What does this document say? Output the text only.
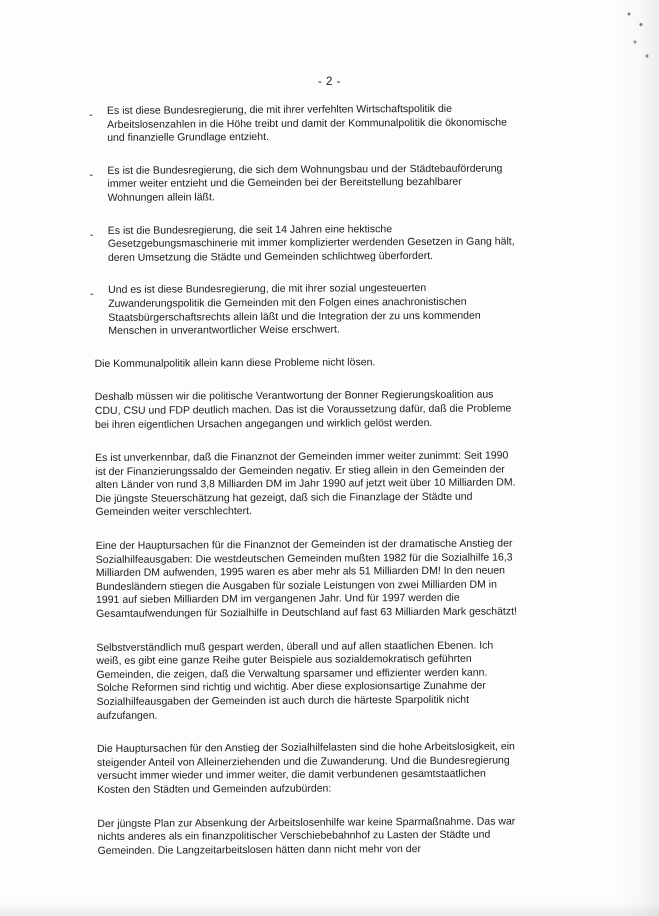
- 2 -
- Es ist diese Bundesregierung, die mit ihrer verfehlten Wirtschaftspolitik die Arbeitslosenzahlen in die Höhe treibt und damit der Kommunalpolitik die ökonomische und finanzielle Grundlage entzieht.
- Es ist die Bundesregierung, die sich dem Wohnungsbau und der Städtebauförderung immer weiter entzieht und die Gemeinden bei der Bereitstellung bezahlbarer Wohnungen allein läßt.
- Es ist die Bundesregierung, die seit 14 Jahren eine hektische Gesetzgebungsmaschinerie mit immer komplizierter werdenden Gesetzen in Gang hält, deren Umsetzung die Städte und Gemeinden schlichtweg überfordert.
- Und es ist diese Bundesregierung, die mit ihrer sozial ungesteuerten Zuwanderungspolitik die Gemeinden mit den Folgen eines anachronistischen Staatsbürgerschaftsrechts allein läßt und die Integration der zu uns kommenden Menschen in unverantwortlicher Weise erschwert.

Die Kommunalpolitik allein kann diese Probleme nicht lösen.

Deshalb müssen wir die politische Verantwortung der Bonner Regierungskoalition aus CDU, CSU und FDP deutlich machen. Das ist die Voraussetzung dafür, daß die Probleme bei ihren eigentlichen Ursachen angegangen und wirklich gelöst werden.

Es ist unverkennbar, daß die Finanznot der Gemeinden immer weiter zunimmt: Seit 1990 ist der Finanzierungssaldo der Gemeinden negativ. Er stieg allein in den Gemeinden der alten Länder von rund 3,8 Milliarden DM im Jahr 1990 auf jetzt weit über 10 Milliarden DM. Die jüngste Steuerschätzung hat gezeigt, daß sich die Finanzlage der Städte und Gemeinden weiter verschlechtert.

Eine der Hauptursachen für die Finanznot der Gemeinden ist der dramatische Anstieg der Sozialhilfeausgaben: Die westdeutschen Gemeinden mußten 1982 für die Sozialhilfe 16,3 Milliarden DM aufwenden, 1995 waren es aber mehr als 51 Milliarden DM! In den neuen Bundesländern stiegen die Ausgaben für soziale Leistungen von zwei Milliarden DM in 1991 auf sieben Milliarden DM im vergangenen Jahr. Und für 1997 werden die Gesamtaufwendungen für Sozialhilfe in Deutschland auf fast 63 Milliarden Mark geschätzt!

Selbstverständlich muß gespart werden, überall und auf allen staatlichen Ebenen. Ich weiß, es gibt eine ganze Reihe guter Beispiele aus sozialdemokratisch geführten Gemeinden, die zeigen, daß die Verwaltung sparsamer und effizienter werden kann. Solche Reformen sind richtig und wichtig. Aber diese explosionsartige Zunahme der Sozialhilfeausgaben der Gemeinden ist auch durch die härteste Sparpolitik nicht aufzufangen.

Die Hauptursachen für den Anstieg der Sozialhilfelasten sind die hohe Arbeitslosigkeit, ein steigender Anteil von Alleinerziehenden und die Zuwanderung. Und die Bundesregierung versucht immer wieder und immer weiter, die damit verbundenen gesamtstaatlichen Kosten den Städten und Gemeinden aufzubürden:

Der jüngste Plan zur Absenkung der Arbeitslosenhilfe war keine Sparmaßnahme. Das war nichts anderes als ein finanzpolitischer Verschiebebahnhof zu Lasten der Städte und Gemeinden. Die Langzeitarbeitslosen hätten dann nicht mehr von der
